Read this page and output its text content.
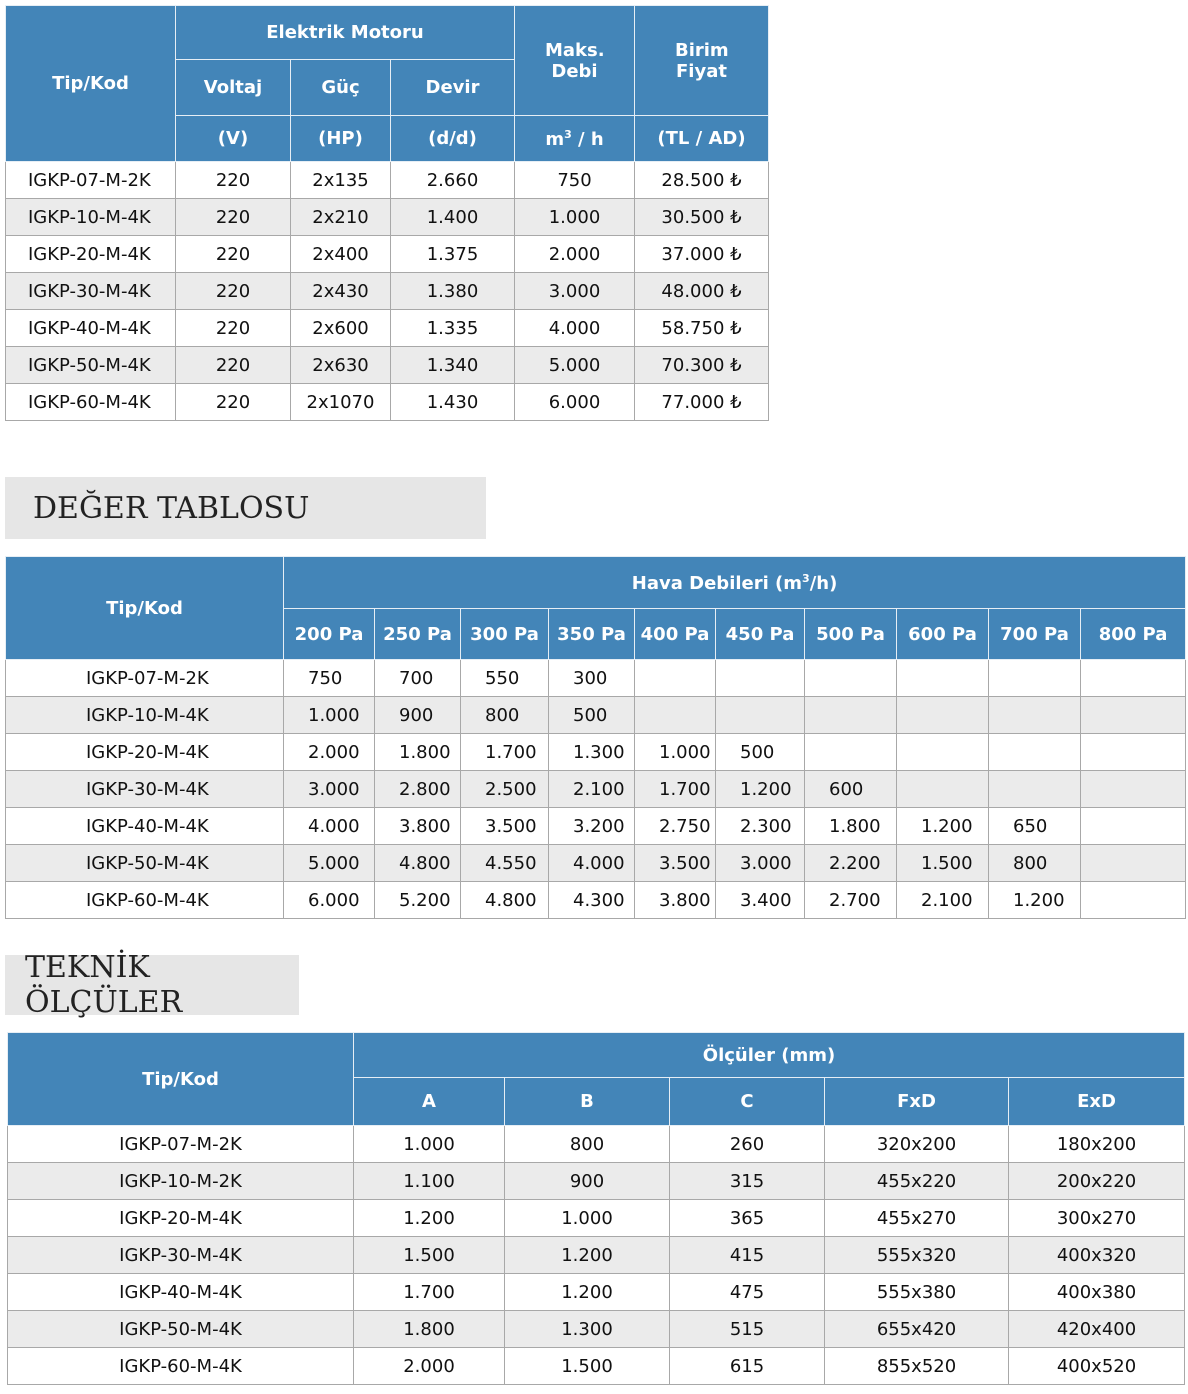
Tip/Kod	Elektrik Motoru			Maks. Debi	Birim Fiyat
	Voltaj	Güç	Devir		
	(V)	(HP)	(d/d)	$m^3$ / h	(TL / AD)
IGKP-07-M-2K	220	2x135	2.660	750	28.500 ₺
IGKP-10-M-4K	220	2x210	1.400	1.000	30.500 ₺
IGKP-20-M-4K	220	2x400	1.375	2.000	37.000 ₺
IGKP-30-M-4K	220	2x430	1.380	3.000	48.000 ₺
IGKP-40-M-4K	220	2x600	1.335	4.000	58.750 ₺
IGKP-50-M-4K	220	2x630	1.340	5.000	70.300 ₺
IGKP-60-M-4K	220	2x1070	1.430	6.000	77.000 ₺
DEĞER TABLOSU
Tip/Kod	Hava Debileri $(m^3/h)$									
	200 Pa	250 Pa	300 Pa	350 Pa	400 Pa	450 Pa	500 Pa	600 Pa	700 Pa	800 Pa
IGKP-07-M-2K	750	700	550	300						
IGKP-10-M-4K	1.000	900	800	500						
IGKP-20-M-4K	2.000	1.800	1.700	1.300	1.000	500				
IGKP-30-M-4K	3.000	2.800	2.500	2.100	1.700	1.200	600			
IGKP-40-M-4K	4.000	3.800	3.500	3.200	2.750	2.300	1.800	1.200	650	
IGKP-50-M-4K	5.000	4.800	4.550	4.000	3.500	3.000	2.200	1.500	800	
IGKP-60-M-4K	6.000	5.200	4.800	4.300	3.800	3.400	2.700	2.100	1.200	
TEKNİK ÖLÇÜLER
Tip/Kod	Ölçüler (mm)				
	A	B	C	FxD	ExD
IGKP-07-M-2K	1.000	800	260	320x200	180x200
IGKP-10-M-2K	1.100	900	315	455x220	200x220
IGKP-20-M-4K	1.200	1.000	365	455x270	300x270
IGKP-30-M-4K	1.500	1.200	415	555x320	400x320
IGKP-40-M-4K	1.700	1.200	475	555x380	400x380
IGKP-50-M-4K	1.800	1.300	515	655x420	420x400
IGKP-60-M-4K	2.000	1.500	615	855x520	400x520
